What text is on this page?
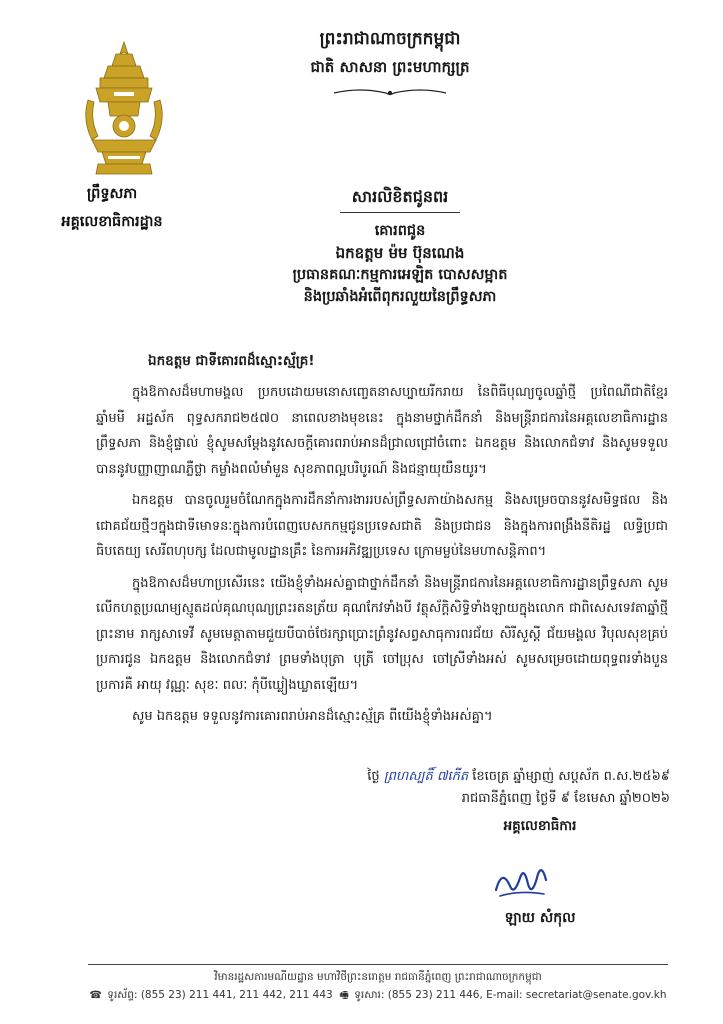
ព្រឹទ្ធសភា
អគ្គលេខាធិការដ្ឋាន
ព្រះរាជាណាចក្រកម្ពុជា
ជាតិ សាសនា ព្រះមហាក្សត្រ
សារលិខិតជូនពរ
គោរពជូន
ឯកឧត្តម ម៉ម ប៊ុនណេង
ប្រធានគណៈកម្មការអេឡិត បោសសម្អាត
និងប្រឆាំងអំពើពុករលួយនៃព្រឹទ្ធសភា
ឯកឧត្តម ជាទីគោរពដ៏ស្មោះស្ម័គ្រ!

ក្នុងឱកាសដ៏មហាមង្គល ប្រកបដោយមនោសញ្ចេតនាសប្បាយរីករាយ នៃពិធីបុណ្យចូលឆ្នាំថ្មី ប្រពៃណីជាតិខ្មែរ ឆ្នាំមមី អដ្ឋស័ក ពុទ្ធសករាជ២៥៧០ នាពេលខាងមុខនេះ ក្នុងនាមថ្នាក់ដឹកនាំ និងមន្ត្រីរាជការនៃអគ្គលេខាធិការដ្ឋានព្រឹទ្ធសភា និងខ្ញុំផ្ទាល់ ខ្ញុំសូមសម្តែងនូវសេចក្តីគោរពរាប់អានដ៏ជ្រាលជ្រៅចំពោះ ឯកឧត្តម និងលោកជំទាវ និងសូមទទួលបាននូវបញ្ញាញាណភ្លឺថ្លា កម្លាំងពលំមាំមួន សុខភាពល្អបរិបូរណ៍ និងជន្មាយុយឺនយូរ។

ឯកឧត្តម បានចូលរួមចំណែកក្នុងការដឹកនាំការងាររបស់ព្រឹទ្ធសភាយ៉ាងសកម្ម និងសម្រេចបាននូវសមិទ្ធផល និងជោគជ័យថ្មីៗក្នុងជាទីមោទនៈក្នុងការបំពេញបេសកកម្មជូនប្រទេសជាតិ និងប្រជាជន និងក្នុងការពង្រឹងនីតិរដ្ឋ លទ្ធិប្រជាធិបតេយ្យ សេរីពហុបក្ស ដែលជាមូលដ្ឋានគ្រឹះ នៃការអភិវឌ្ឍប្រទេស ក្រោមម្លប់នៃមហាសន្តិភាព។

ក្នុងឱកាសដ៏មហាប្រសើរនេះ យើងខ្ញុំទាំងអស់គ្នាជាថ្នាក់ដឹកនាំ និងមន្ត្រីរាជការនៃអគ្គលេខាធិការដ្ឋានព្រឹទ្ធសភា សូមលើកហត្ថប្រណម្យស្មូតដល់គុណបុណ្យព្រះរតនត្រ័យ គុណកែវទាំងបី វត្ថុស័ក្តិសិទ្ធិទាំងឡាយក្នុងលោក ជាពិសេសទេវតាឆ្នាំថ្មីព្រះនាម រាក្សសាទេវី សូមមេត្តាតាមជួយបីបាច់ថែរក្សាប្រោះព្រំនូវសព្វសាធុការពរជ័យ សិរីសួស្តី ជ័យមង្គល វិបុលសុខគ្រប់ប្រការជូន ឯកឧត្តម និងលោកជំទាវ ព្រមទាំងបុត្រា បុត្រី ចៅប្រុស ចៅស្រីទាំងអស់ សូមសម្រេចដោយពុទ្ធពរទាំងបួនប្រការគឺ អាយុ វណ្ណៈ សុខៈ ពលៈ កុំបីឃ្លៀងឃ្លាតឡើយ។

សូម ឯកឧត្តម ទទួលនូវការគោរពរាប់អានដ៏ស្មោះស្ម័គ្រ ពីយើងខ្ញុំទាំងអស់គ្នា។

ថ្ងៃ ព្រហស្បតិ៍ ៧កើត ខែចេត្រ ឆ្នាំម្សាញ់ សប្តស័ក ព.ស.២៥៦៩
រាជធានីភ្នំពេញ ថ្ងៃទី ៩ ខែមេសា ឆ្នាំ២០២៦
អគ្គលេខាធិការ
ឡាយ សំកុល
វិមានរដ្ឋសភារមណីយដ្ឋាន មហាវិថីព្រះនរោត្តម រាជធានីភ្នំពេញ ព្រះរាជាណាចក្រកម្ពុជា
☎ ទូរស័ព្ទ: (855 23) 211 441, 211 442, 211 443 🖷 ទូរសារ: (855 23) 211 446, E-mail: secretariat@senate.gov.kh
